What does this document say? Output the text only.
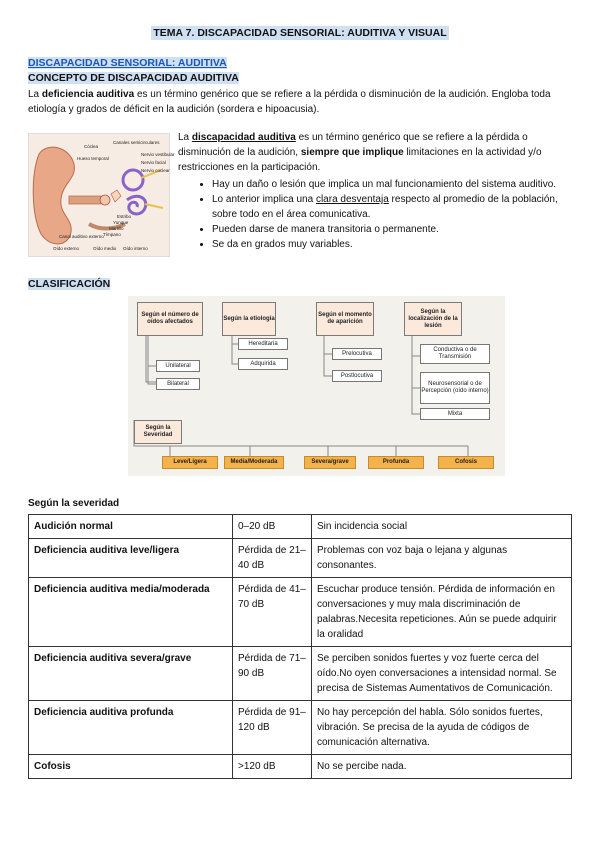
TEMA 7. DISCAPACIDAD SENSORIAL: AUDITIVA Y VISUAL
DISCAPACIDAD SENSORIAL: AUDITIVA
CONCEPTO DE DISCAPACIDAD AUDITIVA
La deficiencia auditiva es un término genérico que se refiere a la pérdida o disminución de la audición. Engloba toda etiología y grados de déficit en la audición (sordera e hipoacusia).
Cóclea
Canales semicirculares
Hueso temporal
Nervio vestibular
Nervio facial
Nervio coclear
Estribo
Yunque
Martillo
Tímpano
Canal auditivo externo
Oído externo	Oído medio Oído interno
La discapacidad auditiva es un término genérico que se refiere a la pérdida o disminución de la audición, siempre que implique limitaciones en la actividad y/o restricciones en la participación.
• Hay un daño o lesión que implica un mal funcionamiento del sistema auditivo.
• Lo anterior implica una clara desventaja respecto al promedio de la población, sobre todo en el área comunicativa.
• Pueden darse de manera transitoria o permanente.
• Se da en grados muy variables.
CLASIFICACIÓN
Según el número de oídos afectados
Unilateral
Bilateral
Según la etiología
Hereditaria
Adquirida
Según el momento de aparición
Prelocutiva
Postlocutiva
Según la localización de la lesión
Conductiva o de Transmisión
Neurosensorial o de Percepción (oído interno)
Mixta
Según la Severidad
Leve/Ligera	Media/Moderada	Severa/grave	Profunda	Cofosis
Según la severidad
Audición normal	0–20 dB	Sin incidencia social
Deficiencia auditiva leve/ligera	Pérdida de 21–40 dB	Problemas con voz baja o lejana y algunas consonantes.
Deficiencia auditiva media/moderada	Pérdida de 41–70 dB	Escuchar produce tensión. Pérdida de información en conversaciones y muy mala discriminación de palabras.Necesita repeticiones. Aún se puede adquirir la oralidad
Deficiencia auditiva severa/grave	Pérdida de 71–90 dB	Se perciben sonidos fuertes y voz fuerte cerca del oído.No oyen conversaciones a intensidad normal. Se precisa de Sistemas Aumentativos de Comunicación.
Deficiencia auditiva profunda	Pérdida de 91–120 dB	No hay percepción del habla. Sólo sonidos fuertes, vibración. Se precisa de la ayuda de códigos de comunicación alternativa.
Cofosis	>120 dB	No se percibe nada.
